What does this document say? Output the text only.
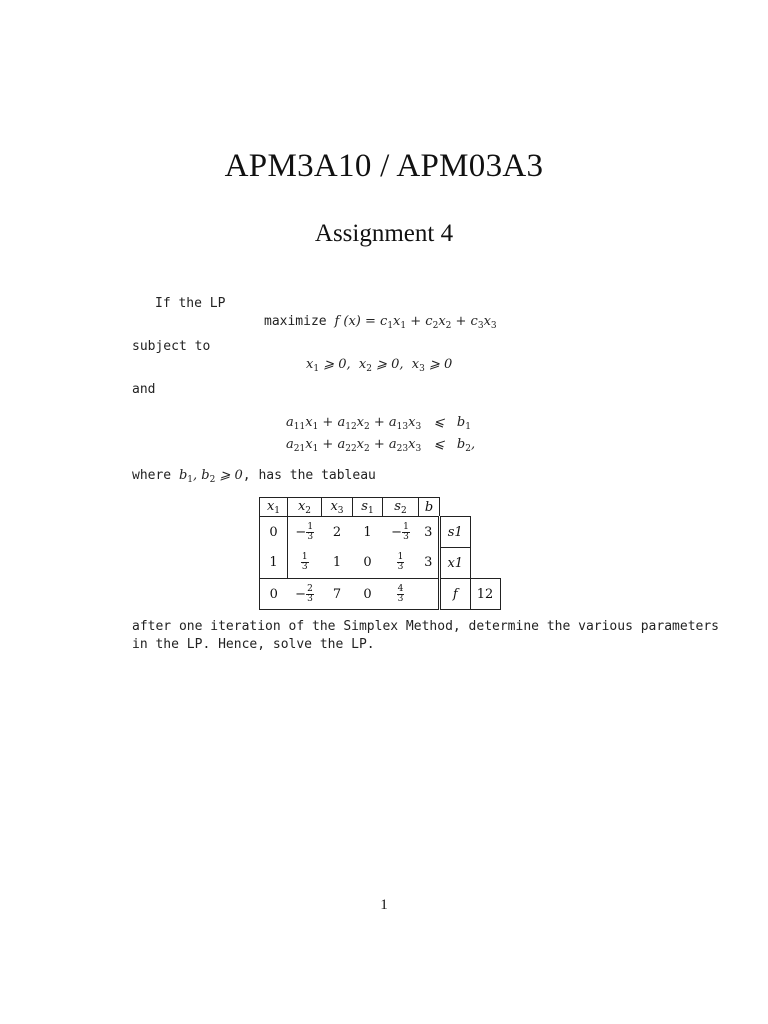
APM3A10 / APM03A3
Assignment 4
If the LP
maximize f $(x) = c_1x_1 + c_2x_2 + c_3x_3$
subject to
$x_1$ ⩾ 0,  $x_2$ ⩾ 0,  $x_3$ ⩾ 0
and
$a_{11}x_1 + a_{12}x_2 + a_{13}x_3$   ⩽   $b_1$
$a_{21}x_1 + a_{22}x_2 + a_{23}x_3$   ⩽   $b_2$,
where $b_1$, $b_2$ ⩾ 0, has the tableau
$x_1$	$x_2$	$x_3$	$s_1$	$s_2$	b		
0	− $\frac{1}{3}$	2	1	− $\frac{1}{3}$	3	s1	
1	$\frac{1}{3}$	1	0	$\frac{1}{3}$	3	x1	
0	− $\frac{2}{3}$	7	0	$\frac{4}{3}$		f	12
after one iteration of the Simplex Method, determine the various parameters
in the LP. Hence, solve the LP.
1
